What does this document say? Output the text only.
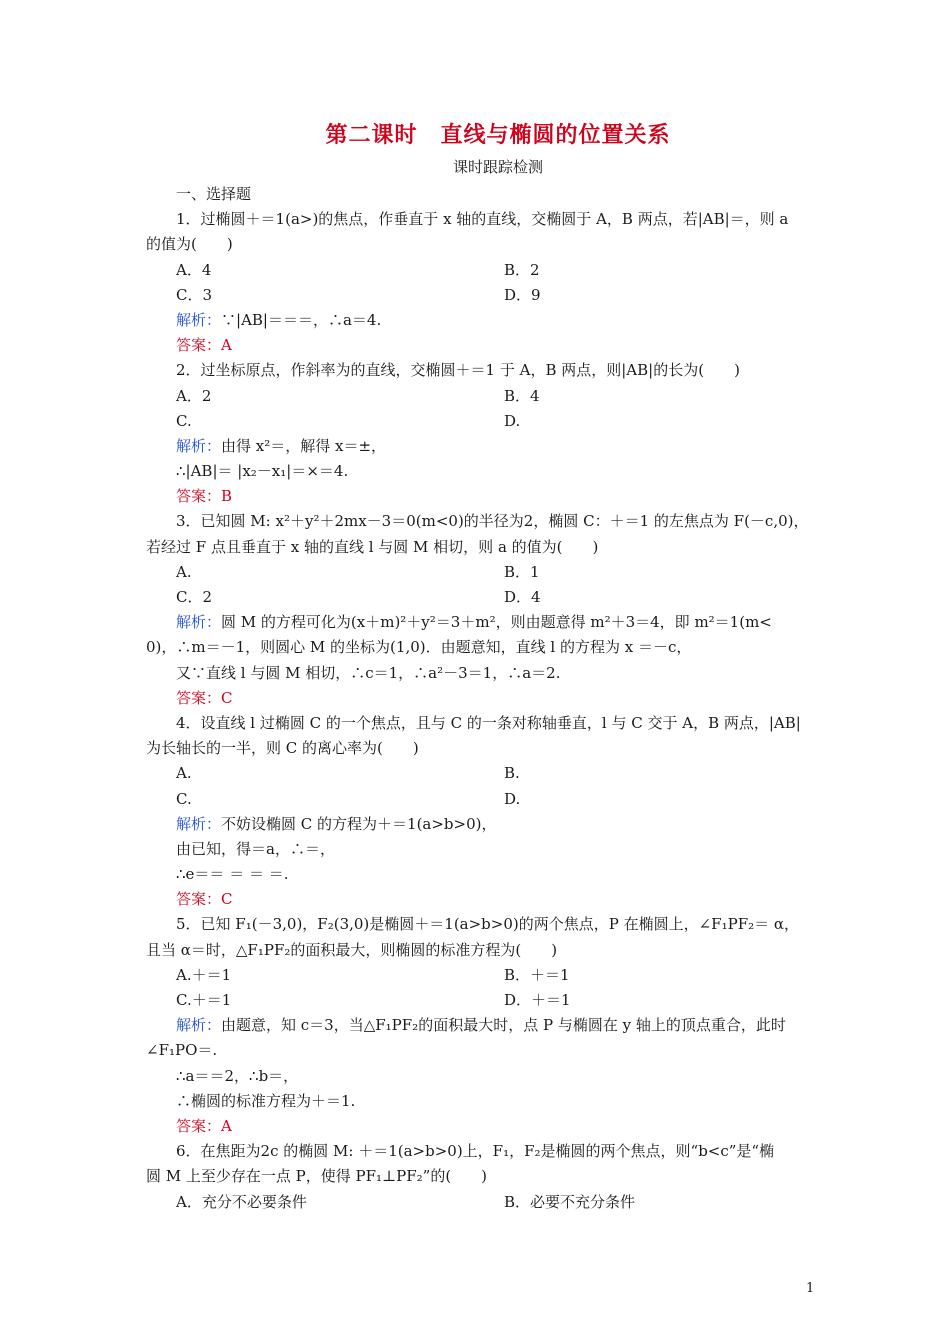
第二课时　直线与椭圆的位置关系
课时跟踪检测
一、选择题
1．过椭圆＋＝1(a>)的焦点，作垂直于 x 轴的直线，交椭圆于 A，B 两点，若|AB|＝，则 a
的值为(　　)
A．4	B．2
C．3	D．9
解析：∵|AB|＝＝＝，∴a＝4.
答案：A
2．过坐标原点，作斜率为的直线，交椭圆＋＝1 于 A，B 两点，则|AB|的长为(　　)
A．2	B．4
C.	D.
解析：由得 x²＝，解得 x＝±，
∴|AB|＝ |x₂－x₁|＝×＝4.
答案：B
3．已知圆 M: x²＋y²＋2mx－3＝0(m<0)的半径为2，椭圆 C：＋＝1 的左焦点为 F(－c,0)，
若经过 F 点且垂直于 x 轴的直线 l 与圆 M 相切，则 a 的值为(　　)
A.	B．1
C．2	D．4
解析：圆 M 的方程可化为(x＋m)²＋y²＝3＋m²，则由题意得 m²＋3＝4，即 m²＝1(m<
0)，∴m＝－1，则圆心 M 的坐标为(1,0)．由题意知，直线 l 的方程为 x ＝－c，
又∵直线 l 与圆 M 相切，∴c＝1，∴a²－3＝1，∴a＝2.
答案：C
4．设直线 l 过椭圆 C 的一个焦点，且与 C 的一条对称轴垂直，l 与 C 交于 A，B 两点，|AB|
为长轴长的一半，则 C 的离心率为(　　)
A.	B.
C.	D.
解析：不妨设椭圆 C 的方程为＋＝1(a>b>0)，
由已知，得＝a，∴＝，
∴e＝＝ ＝ ＝ ＝.
答案：C
5．已知 F₁(－3,0)，F₂(3,0)是椭圆＋＝1(a>b>0)的两个焦点，P 在椭圆上，∠F₁PF₂＝ α，
且当 α＝时，△F₁PF₂的面积最大，则椭圆的标准方程为(　　)
A.＋＝1	B．＋＝1
C.＋＝1	D．＋＝1
解析：由题意，知 c＝3，当△F₁PF₂的面积最大时，点 P 与椭圆在 y 轴上的顶点重合，此时
∠F₁PO＝.
∴a＝＝2，∴b＝，
∴椭圆的标准方程为＋＝1.
答案：A
6．在焦距为2c 的椭圆 M: ＋＝1(a>b>0)上，F₁，F₂是椭圆的两个焦点，则“b<c”是“椭
圆 M 上至少存在一点 P，使得 PF₁⊥PF₂”的(　　)
A．充分不必要条件	B．必要不充分条件
1
